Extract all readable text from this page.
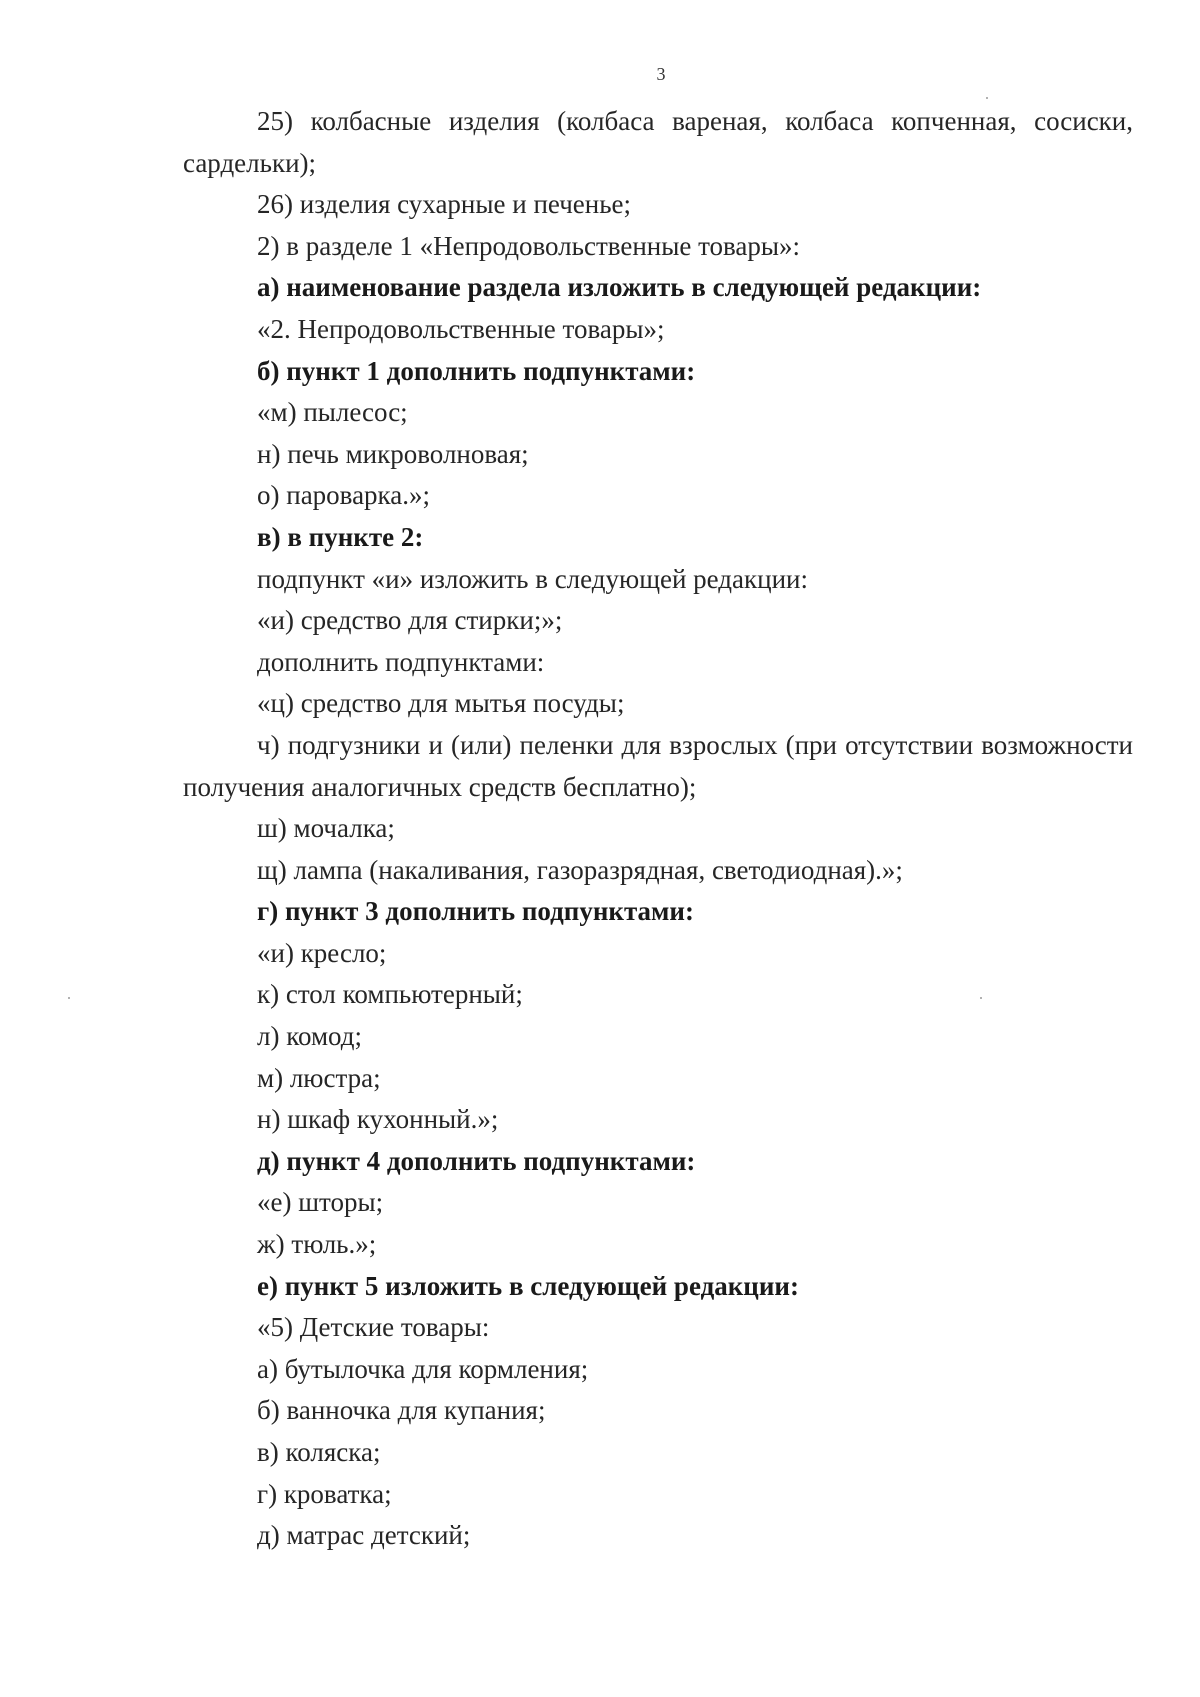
3

25) колбасные изделия (колбаса вареная, колбаса копченная, сосиски, сардельки);

26) изделия сухарные и печенье;

2) в разделе 1 «Непродовольственные товары»:

а) наименование раздела изложить в следующей редакции:

«2. Непродовольственные товары»;

б) пункт 1 дополнить подпунктами:

«м) пылесос;

н) печь микроволновая;

о) пароварка.»;

в) в пункте 2:

подпункт «и» изложить в следующей редакции:

«и) средство для стирки;»;

дополнить подпунктами:

«ц) средство для мытья посуды;

ч) подгузники и (или) пеленки для взрослых (при отсутствии возможности получения аналогичных средств бесплатно);

ш) мочалка;

щ) лампа (накаливания, газоразрядная, светодиодная).»;

г) пункт 3 дополнить подпунктами:

«и) кресло;

к) стол компьютерный;

л) комод;

м) люстра;

н) шкаф кухонный.»;

д) пункт 4 дополнить подпунктами:

«е) шторы;

ж) тюль.»;

е) пункт 5 изложить в следующей редакции:

«5) Детские товары:

а) бутылочка для кормления;

б) ванночка для купания;

в) коляска;

г) кроватка;

д) матрас детский;
